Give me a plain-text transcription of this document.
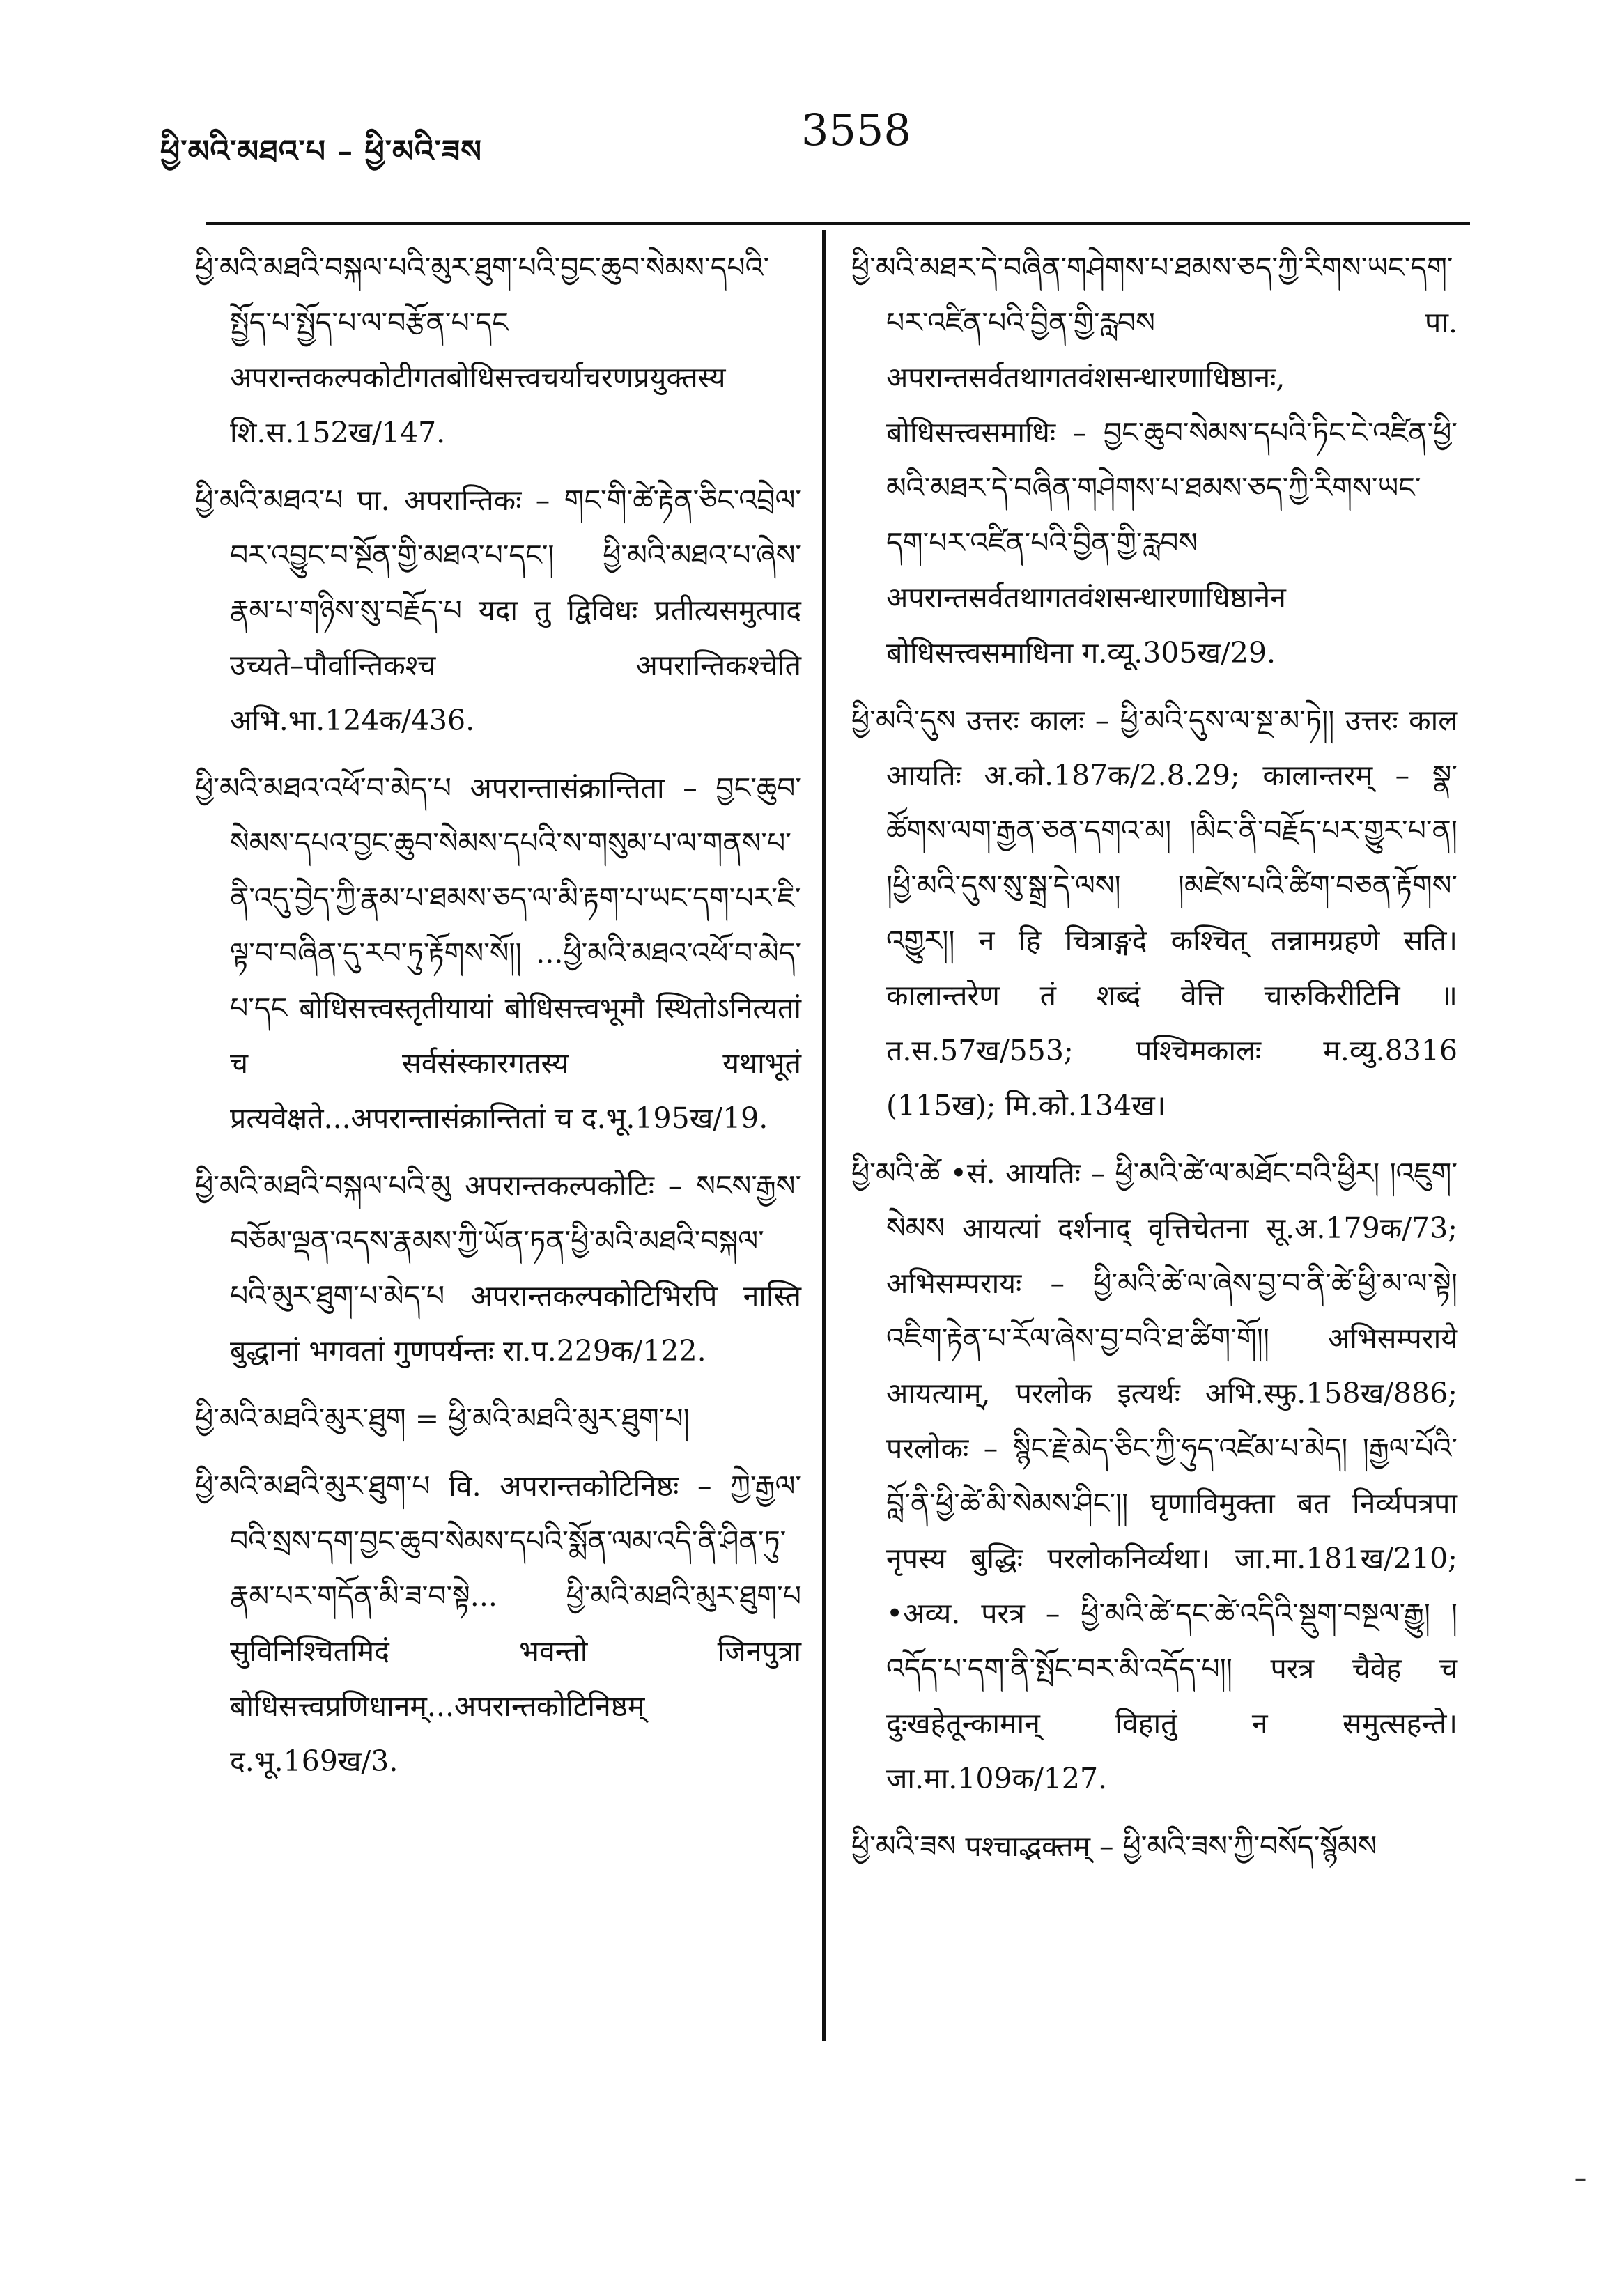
ཕྱི་མའི་མཐའ་པ – ཕྱི་མའི་ཟས	3558

ཕྱི་མའི་མཐའི་བསྐལ་པའི་མུར་ཐུག་པའི་བྱང་ཆུབ་སེམས་དཔའི་སྤྱོད་པ་སྤྱོད་པ་ལ་བརྩོན་པ་དང अपरान्तकल्पकोटीगतबोधिसत्त्वचर्याचरणप्रयुक्तस्य शि.स.152ख/147.

ཕྱི་མའི་མཐའ་པ पा. अपरान्तिकः – གང་གི་ཚེ་རྟེན་ཅིང་འབྲེལ་བར་འབྱུང་བ་སྔོན་གྱི་མཐའ་པ་དང་། ཕྱི་མའི་མཐའ་པ་ཞེས་རྣམ་པ་གཉིས་སུ་བརྗོད་པ यदा तु द्विविधः प्रतीत्यसमुत्पाद उच्यते–पौर्वान्तिकश्च अपरान्तिकश्चेति अभि.भा.124क/436.

ཕྱི་མའི་མཐའ་འཕོ་བ་མེད་པ अपरान्तासंक्रान्तिता – བྱང་ཆུབ་སེམས་དཔའ་བྱང་ཆུབ་སེམས་དཔའི་ས་གསུམ་པ་ལ་གནས་པ་ནི་འདུ་བྱེད་ཀྱི་རྣམ་པ་ཐམས་ཅད་ལ་མི་རྟག་པ་ཡང་དག་པར་ཇི་ལྟ་བ་བཞིན་དུ་རབ་ཏུ་རྟོགས་སོ།། ...ཕྱི་མའི་མཐའ་འཕོ་བ་མེད་པ་དང बोधिसत्त्वस्तृतीयायां बोधिसत्त्वभूमौ स्थितोऽनित्यतां च सर्वसंस्कारगतस्य यथाभूतं प्रत्यवेक्षते...अपरान्तासंक्रान्तितां च द.भू.195ख/19.

ཕྱི་མའི་མཐའི་བསྐལ་པའི་མུ अपरान्तकल्पकोटिः – སངས་རྒྱས་བཅོམ་ལྡན་འདས་རྣམས་ཀྱི་ཡོན་ཏན་ཕྱི་མའི་མཐའི་བསྐལ་པའི་མུར་ཐུག་པ་མེད་པ अपरान्तकल्पकोटिभिरपि नास्ति बुद्धानां भगवतां गुणपर्यन्तः रा.प.229क/122.

ཕྱི་མའི་མཐའི་མུར་ཐུག = ཕྱི་མའི་མཐའི་མུར་ཐུག་པ།

ཕྱི་མའི་མཐའི་མུར་ཐུག་པ वि. अपरान्तकोटिनिष्ठः – ཀྱེ་རྒྱལ་བའི་སྲས་དག་བྱང་ཆུབ་སེམས་དཔའི་སྨོན་ལམ་འདི་ནི་ཤིན་ཏུ་རྣམ་པར་གདོན་མི་ཟ་བ་སྟེ... ཕྱི་མའི་མཐའི་མུར་ཐུག་པ सुविनिश्चितमिदं भवन्तो जिनपुत्रा बोधिसत्त्वप्रणिधानम्...अपरान्तकोटिनिष्ठम् द.भू.169ख/3.

ཕྱི་མའི་མཐར་དེ་བཞིན་གཤེགས་པ་ཐམས་ཅད་ཀྱི་རིགས་ཡང་དག་པར་འཛིན་པའི་བྱིན་གྱི་རླབས पा. अपरान्तसर्वतथागतवंशसन्धारणाधिष्ठानः, बोधिसत्त्वसमाधिः – བྱང་ཆུབ་སེམས་དཔའི་ཏིང་ངེ་འཛིན་ཕྱི་མའི་མཐར་དེ་བཞིན་གཤེགས་པ་ཐམས་ཅད་ཀྱི་རིགས་ཡང་དག་པར་འཛིན་པའི་བྱིན་གྱི་རླབས अपरान्तसर्वतथागतवंशसन्धारणाधिष्ठानेन बोधिसत्त्वसमाधिना ग.व्यू.305ख/29.

ཕྱི་མའི་དུས उत्तरः कालः – ཕྱི་མའི་དུས་ལ་སྔ་མ་ཏེ།། उत्तरः काल आयतिः अ.को.187क/2.8.29; कालान्तरम् – སྣ་ཚོགས་ལག་རྒྱན་ཅན་དགའ་མ། །མིང་ནི་བརྗོད་པར་གྱུར་པ་ན། །ཕྱི་མའི་དུས་སུ་སྒྲ་དེ་ལས། །མཛེས་པའི་ཚིག་བཅན་རྟོགས་འགྱུར།། न हि चित्राङ्गदे कश्चित् तन्नामग्रहणे सति। कालान्तरेण तं शब्दं वेत्ति चारुकिरीटिनि ॥ त.स.57ख/553; पश्चिमकालः म.व्यु.8316 (115ख); मि.को.134ख।

ཕྱི་མའི་ཚེ •सं. आयतिः – ཕྱི་མའི་ཚེ་ལ་མཐོང་བའི་ཕྱིར། །འཇུག་སེམས आयत्यां दर्शनाद् वृत्तिचेतना सू.अ.179क/73; अभिसम्परायः – ཕྱི་མའི་ཚེ་ལ་ཞེས་བྱ་བ་ནི་ཚེ་ཕྱི་མ་ལ་སྟེ། འཇིག་རྟེན་པ་རོལ་ཞེས་བྱ་བའི་ཐ་ཚིག་གོ།། अभिसम्पराये आयत्याम्, परलोक इत्यर्थः अभि.स्फु.158ख/886; परलोकः – སྙིང་རྗེ་མེད་ཅིང་ཀྱི་ཧུད་འཛེམ་པ་མེད། །རྒྱལ་པོའི་བློ་ནི་ཕྱི་ཚེ་མི་སེམས་ཤིང་།། घृणाविमुक्ता बत निर्व्यपत्रपा नृपस्य बुद्धिः परलोकनिर्व्यथा। जा.मा.181ख/210; •अव्य. परत्र – ཕྱི་མའི་ཚེ་དང་ཚེ་འདིའི་སྡུག་བསྔལ་རྒྱུ། །འདོད་པ་དག་ནི་སྤོང་བར་མི་འདོད་པ།། परत्र चैवेह च दुःखहेतून्कामान् विहातुं न समुत्सहन्ते। जा.मा.109क/127.

ཕྱི་མའི་ཟས पश्चाद्भक्तम् – ཕྱི་མའི་ཟས་ཀྱི་བསོད་སྙོམས

–
